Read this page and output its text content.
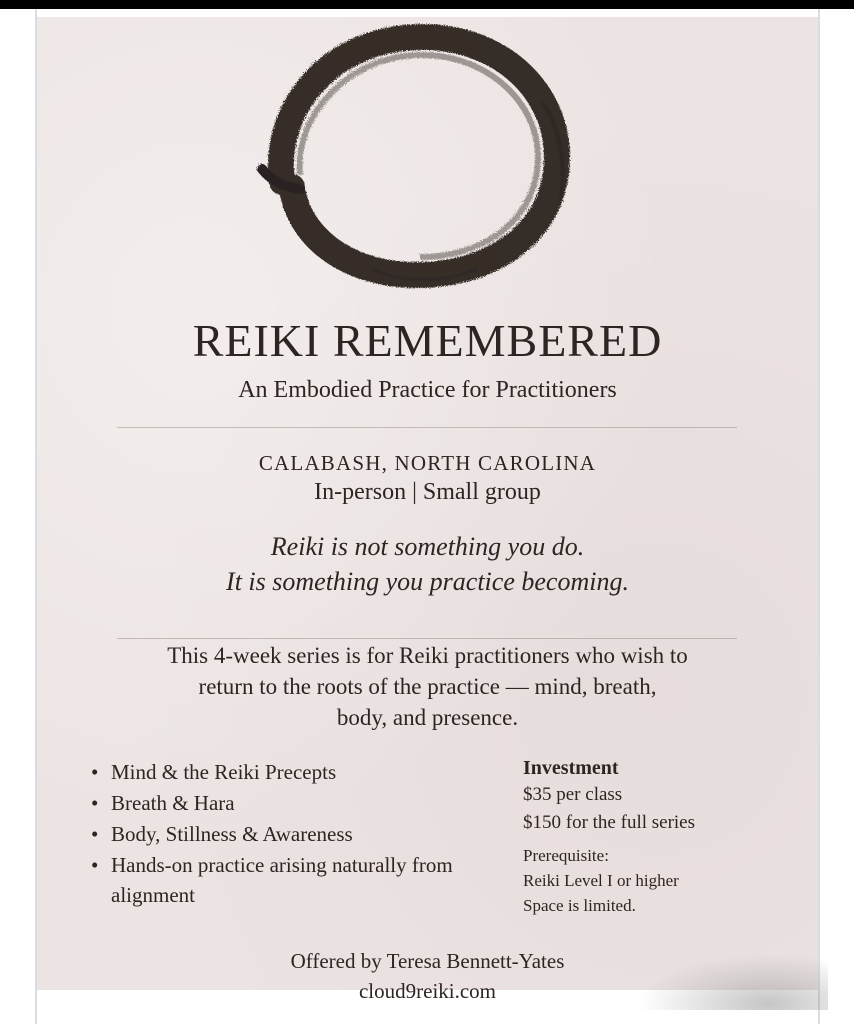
REIKI REMEMBERED
An Embodied Practice for Practitioners
CALABASH, NORTH CAROLINA
In-person | Small group
Reiki is not something you do.
It is something you practice becoming.
This 4-week series is for Reiki practitioners who wish to
return to the roots of the practice — mind, breath,
body, and presence.
• Mind & the Reiki Precepts
• Breath & Hara
• Body, Stillness & Awareness
• Hands-on practice arising naturally from alignment
Investment
$35 per class
$150 for the full series
Prerequisite:
Reiki Level I or higher
Space is limited.
Offered by Teresa Bennett-Yates
cloud9reiki.com
